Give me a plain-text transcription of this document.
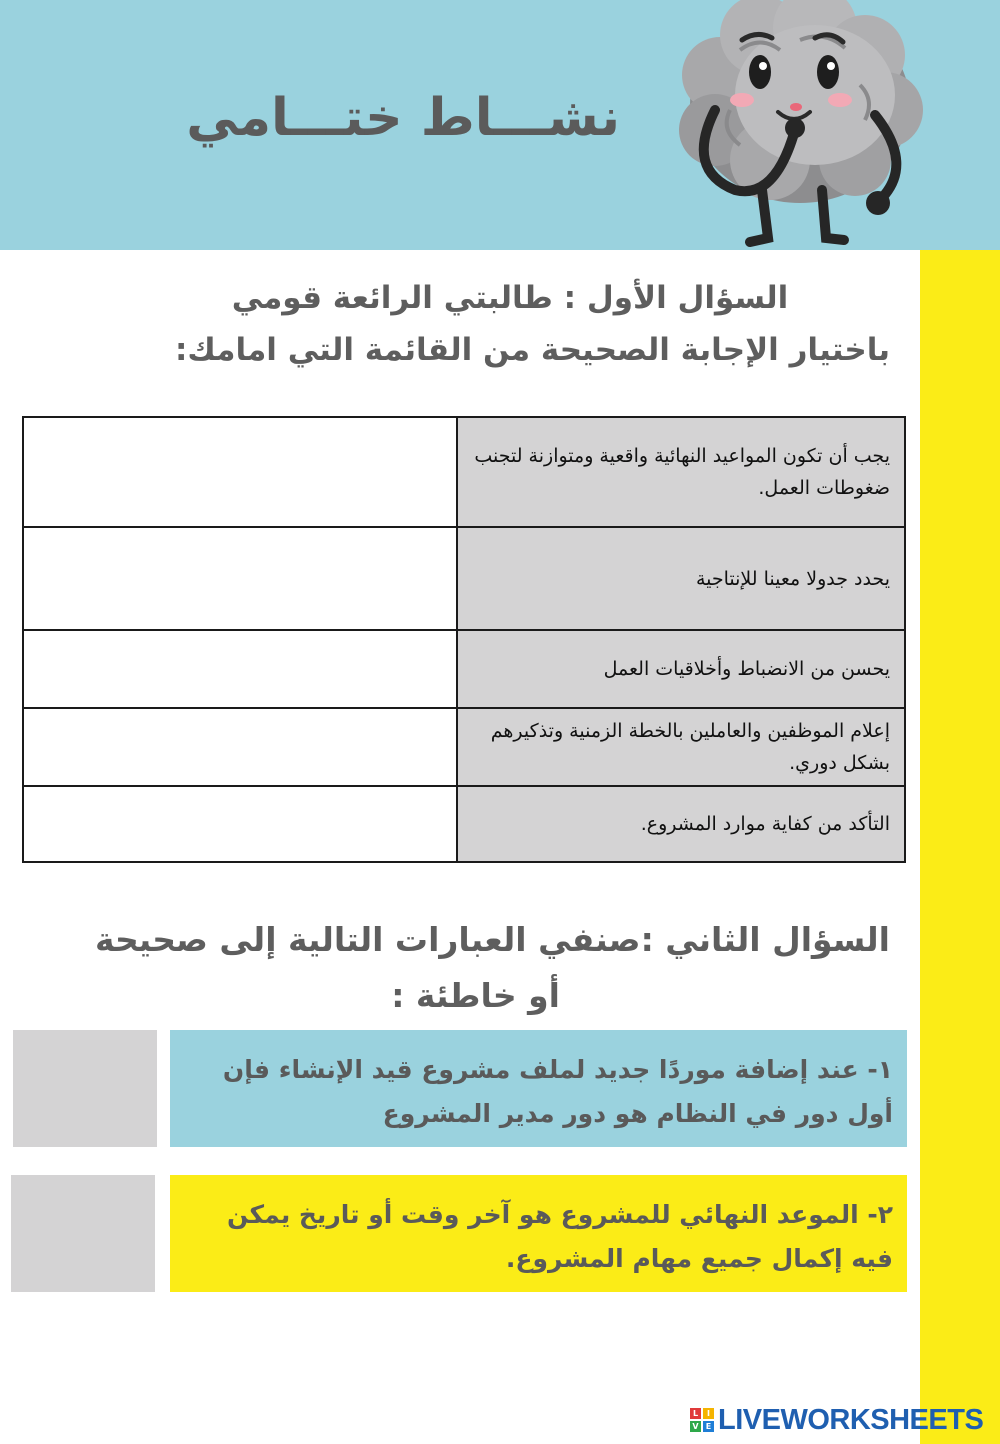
نشـــاط ختـــامي
السؤال الأول : طالبتي الرائعة قومي
باختيار الإجابة الصحيحة من القائمة التي امامك:
يجب أن تكون المواعيد النهائية واقعية ومتوازنة لتجنب ضغوطات العمل.	
يحدد جدولا معينا للإنتاجية	
يحسن من الانضباط وأخلاقيات العمل	
إعلام الموظفين والعاملين بالخطة الزمنية وتذكيرهم بشكل دوري.	
التأكد من كفاية موارد المشروع.	
السؤال الثاني :صنفي العبارات التالية إلى صحيحة
أو خاطئة :
١- عند إضافة موردًا جديد لملف مشروع قيد الإنشاء فإن أول دور في النظام هو دور مدير المشروع
٢- الموعد النهائي للمشروع هو آخر وقت أو تاريخ يمكن فيه إكمال جميع مهام المشروع.
L	I
V E LIVEWORKSHEETS
